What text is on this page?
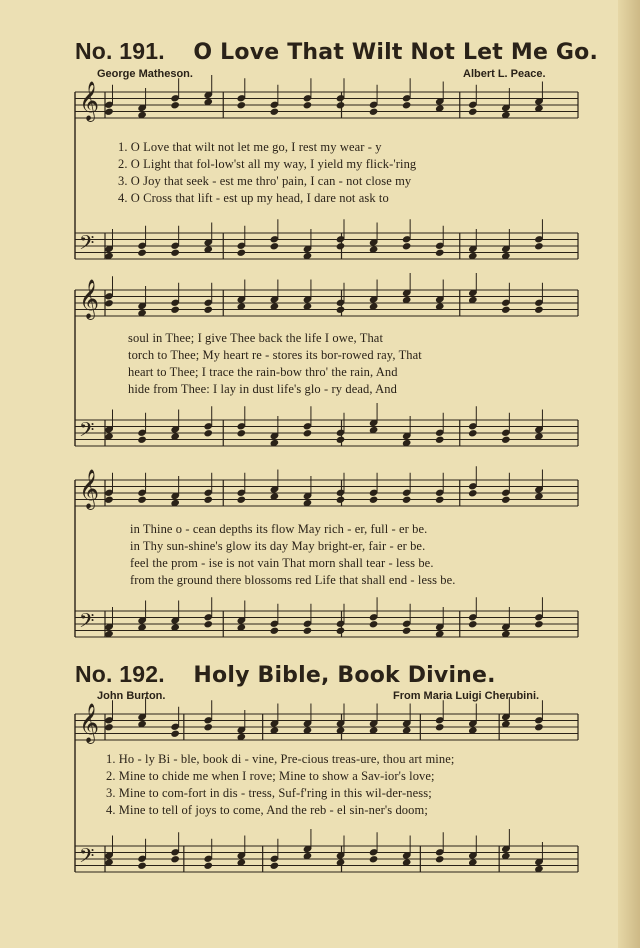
No. 191. O Love That Wilt Not Let Me Go.
George Matheson.	Albert L. Peace.
1. O Love that wilt not let me go, I rest my wear - y
2. O Light that fol-low'st all my way, I yield my flick-'ring
3. O Joy that seek - est me thro' pain, I can - not close my
4. O Cross that lift - est up my head, I dare not ask to
soul in Thee; I give Thee back the life I owe, That
torch to Thee; My heart re - stores its bor-rowed ray, That
heart to Thee; I trace the rain-bow thro' the rain, And
hide from Thee: I lay in dust life's glo - ry dead, And
in Thine o - cean depths its flow May rich - er, full - er be.
in Thy sun-shine's glow its day May bright-er, fair - er be.
feel the prom - ise is not vain That morn shall tear - less be.
from the ground there blossoms red Life that shall end - less be.
No. 192. Holy Bible, Book Divine.
John Burton.	From Maria Luigi Cherubini.
1. Ho - ly Bi - ble, book di - vine, Pre-cious treas-ure, thou art mine;
2. Mine to chide me when I rove; Mine to show a Sav-ior's love;
3. Mine to com-fort in dis - tress, Suf-f'ring in this wil-der-ness;
4. Mine to tell of joys to come, And the reb - el sin-ner's doom;
𝄞
𝄢
𝄞
𝄢
𝄞
𝄢
𝄞
𝄢
